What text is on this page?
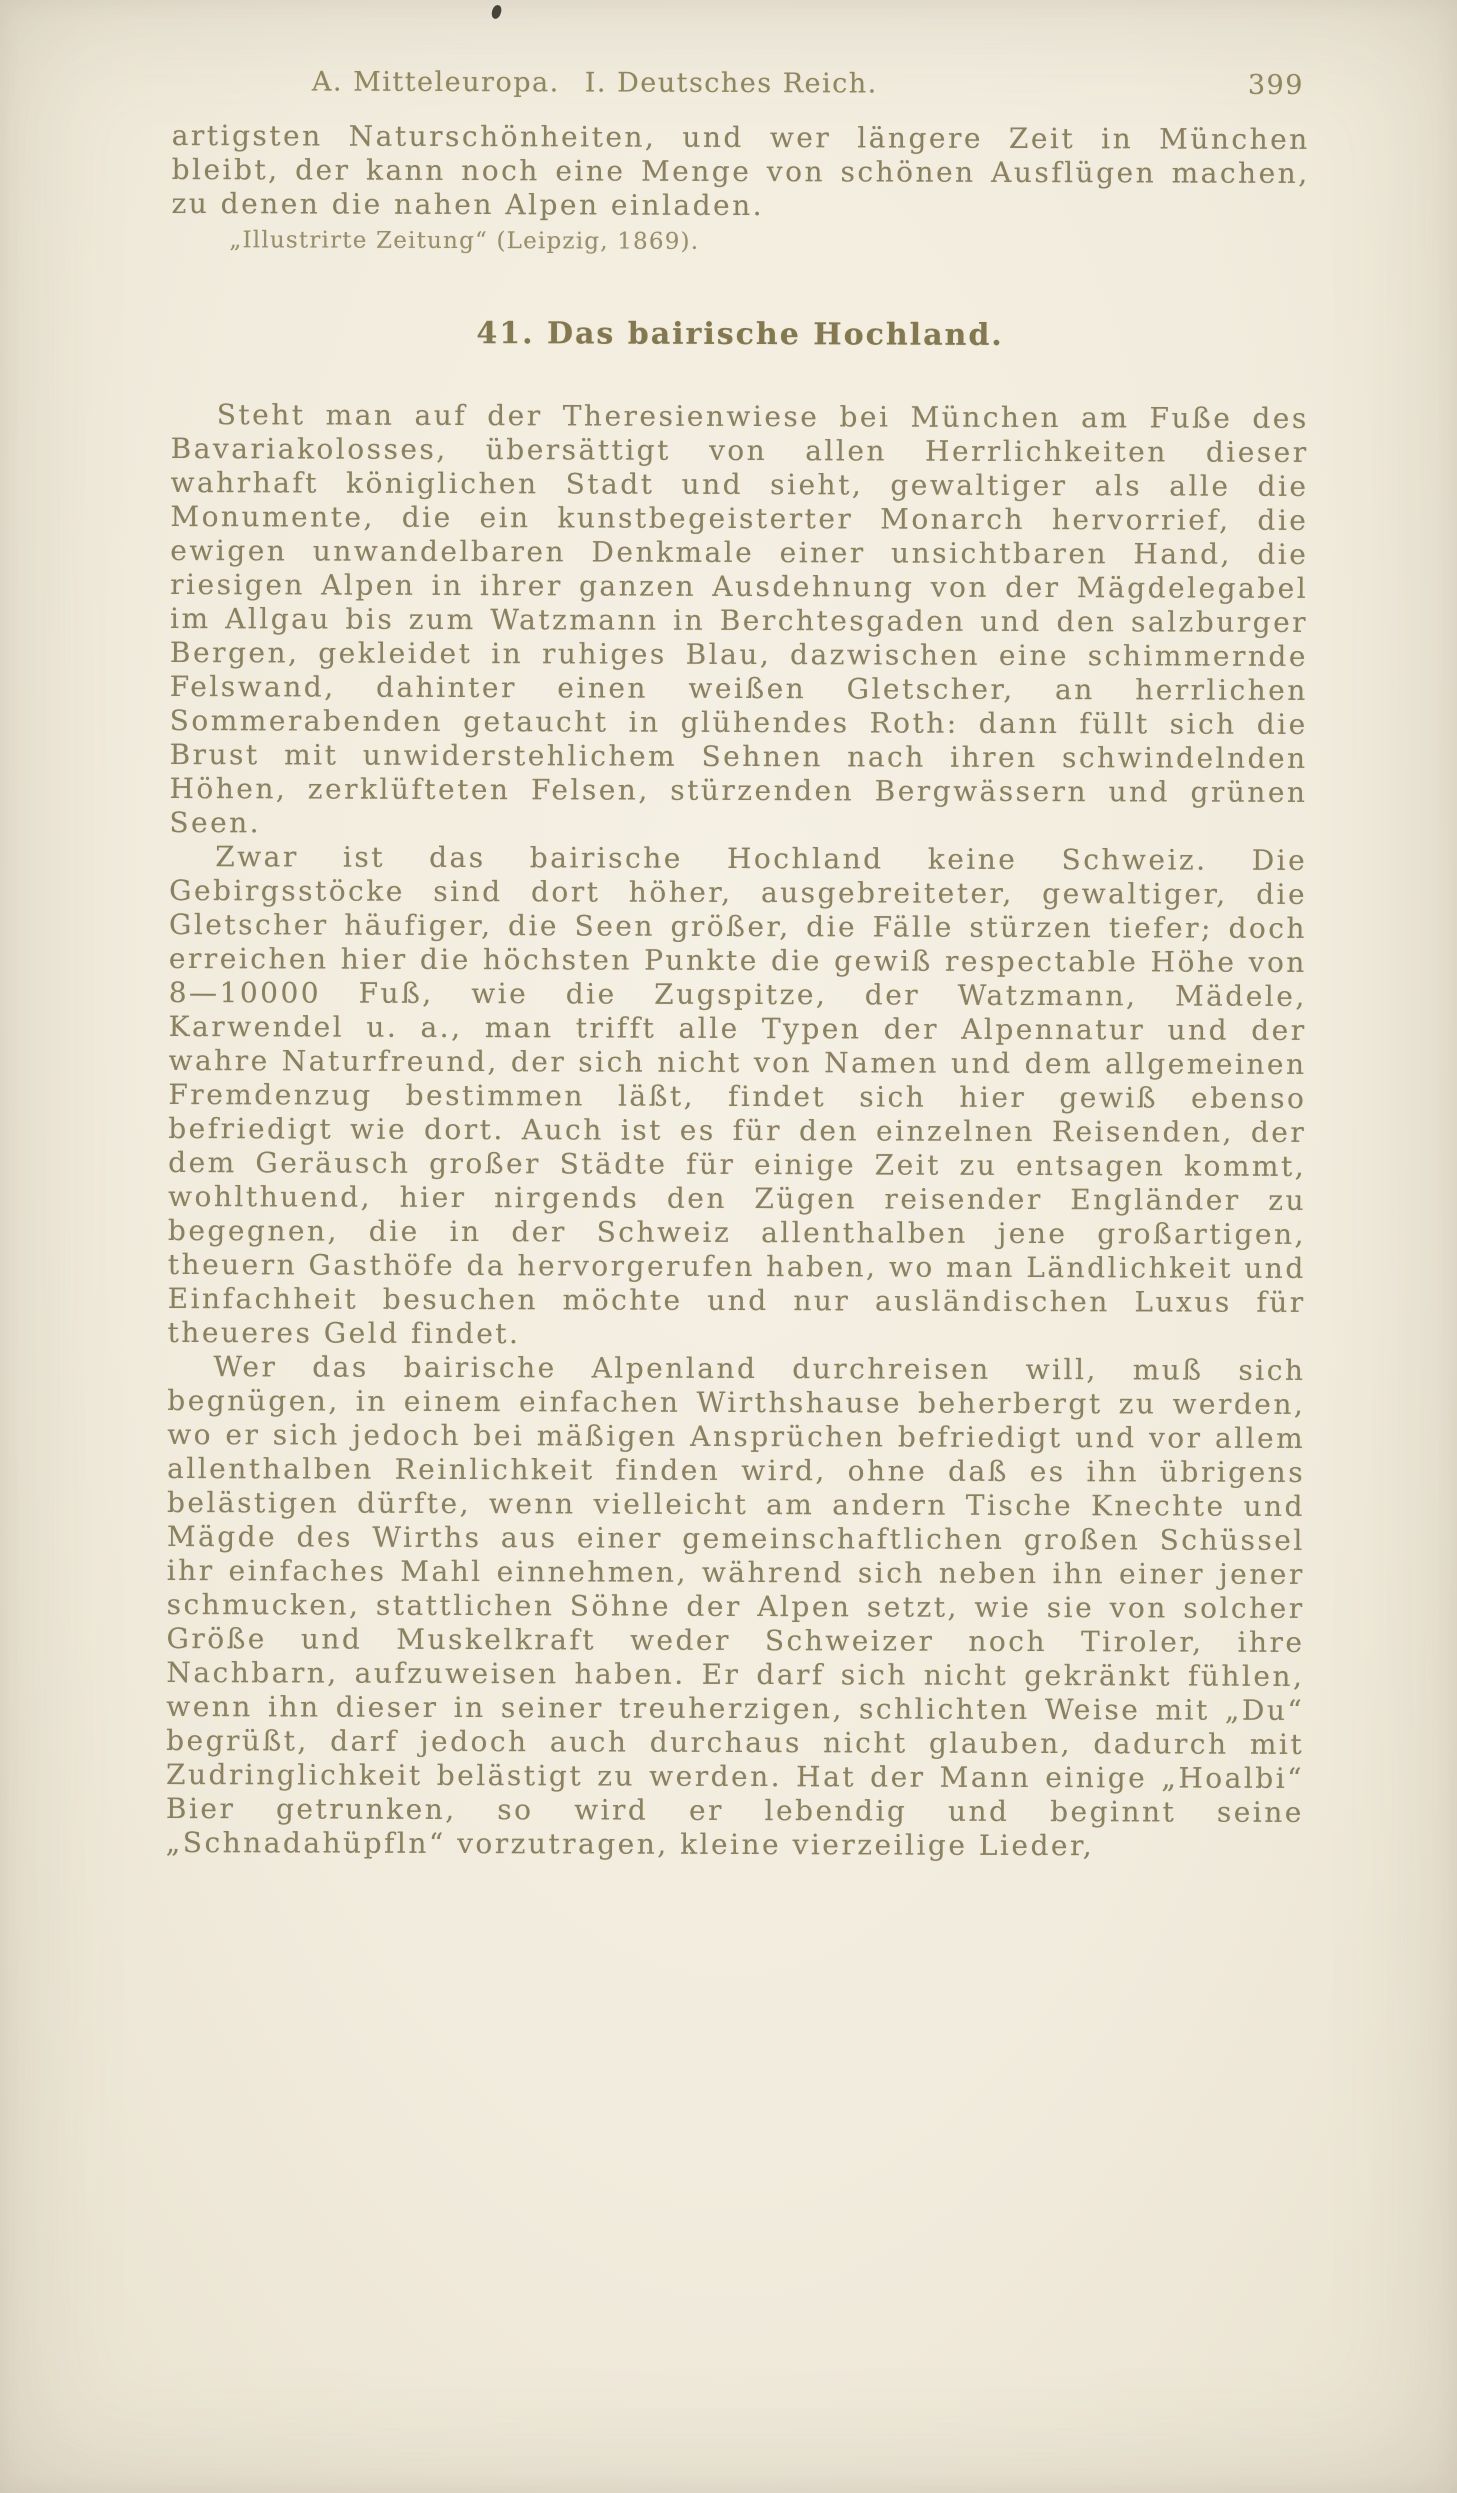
A. Mitteleuropa.  I. Deutsches Reich.	399

artigsten Naturschönheiten, und wer längere Zeit in München bleibt, der kann noch eine Menge von schönen Ausflügen machen, zu denen die nahen Alpen einladen.

„Illustrirte Zeitung“ (Leipzig, 1869).

41. Das bairische Hochland.

Steht man auf der Theresienwiese bei München am Fuße des Bavariakolosses, übersättigt von allen Herrlichkeiten dieser wahrhaft königlichen Stadt und sieht, gewaltiger als alle die Monumente, die ein kunstbegeisterter Monarch hervorrief, die ewigen unwandelbaren Denkmale einer unsichtbaren Hand, die riesigen Alpen in ihrer ganzen Ausdehnung von der Mägdelegabel im Allgau bis zum Watzmann in Berchtesgaden und den salzburger Bergen, gekleidet in ruhiges Blau, dazwischen eine schimmernde Felswand, dahinter einen weißen Gletscher, an herrlichen Sommerabenden getaucht in glühendes Roth: dann füllt sich die Brust mit unwiderstehlichem Sehnen nach ihren schwindelnden Höhen, zerklüfteten Felsen, stürzenden Bergwässern und grünen Seen.

Zwar ist das bairische Hochland keine Schweiz. Die Gebirgsstöcke sind dort höher, ausgebreiteter, gewaltiger, die Gletscher häufiger, die Seen größer, die Fälle stürzen tiefer; doch erreichen hier die höchsten Punkte die gewiß respectable Höhe von 8—10000 Fuß, wie die Zugspitze, der Watzmann, Mädele, Karwendel u. a., man trifft alle Typen der Alpennatur und der wahre Naturfreund, der sich nicht von Namen und dem allgemeinen Fremdenzug bestimmen läßt, findet sich hier gewiß ebenso befriedigt wie dort. Auch ist es für den einzelnen Reisenden, der dem Geräusch großer Städte für einige Zeit zu entsagen kommt, wohlthuend, hier nirgends den Zügen reisender Engländer zu begegnen, die in der Schweiz allenthalben jene großartigen, theuern Gasthöfe da hervorgerufen haben, wo man Ländlichkeit und Einfachheit besuchen möchte und nur ausländischen Luxus für theueres Geld findet.

Wer das bairische Alpenland durchreisen will, muß sich begnügen, in einem einfachen Wirthshause beherbergt zu werden, wo er sich jedoch bei mäßigen Ansprüchen befriedigt und vor allem allenthalben Reinlichkeit finden wird, ohne daß es ihn übrigens belästigen dürfte, wenn vielleicht am andern Tische Knechte und Mägde des Wirths aus einer gemeinschaftlichen großen Schüssel ihr einfaches Mahl einnehmen, während sich neben ihn einer jener schmucken, stattlichen Söhne der Alpen setzt, wie sie von solcher Größe und Muskelkraft weder Schweizer noch Tiroler, ihre Nachbarn, aufzuweisen haben. Er darf sich nicht gekränkt fühlen, wenn ihn dieser in seiner treuherzigen, schlichten Weise mit „Du“ begrüßt, darf jedoch auch durchaus nicht glauben, dadurch mit Zudringlichkeit belästigt zu werden. Hat der Mann einige „Hoalbi“ Bier getrunken, so wird er lebendig und beginnt seine „Schnadahüpfln“ vorzutragen, kleine vierzeilige Lieder,
